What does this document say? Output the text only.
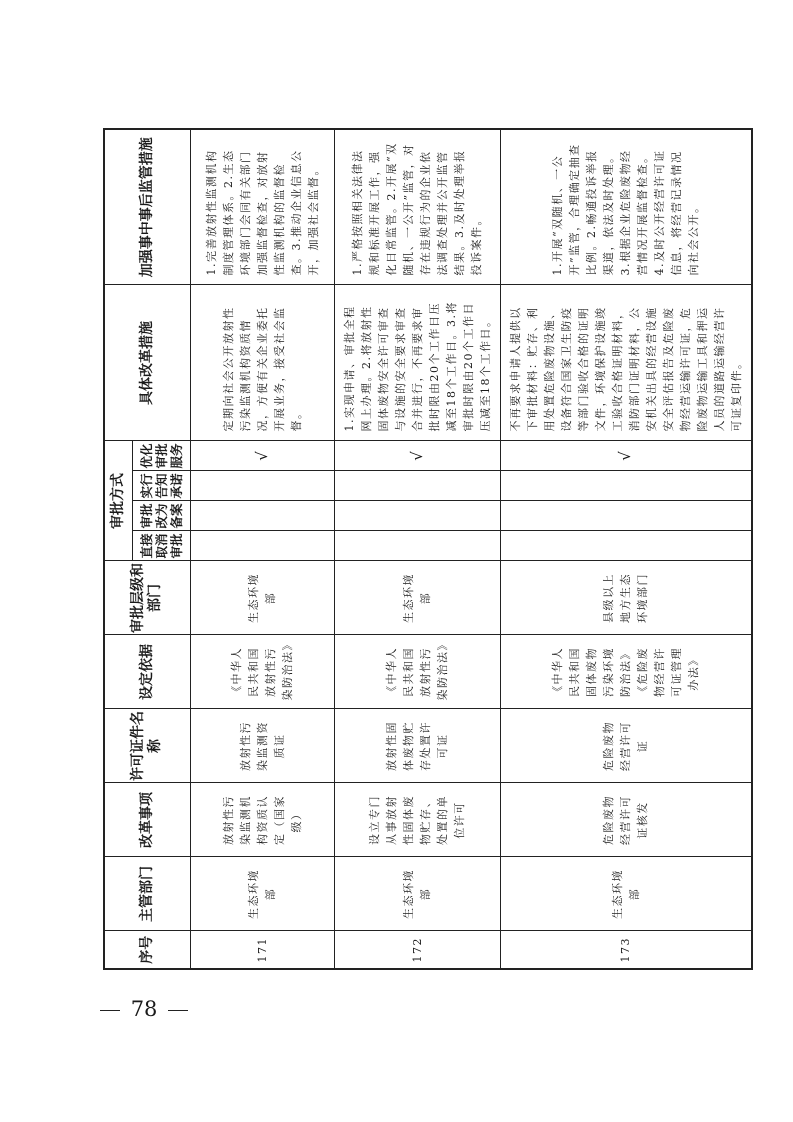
序号	主管部门	改革事项	许可证件名称	设定依据	审批层级和部门	审批方式				具体改革措施	加强事中事后监管措施
						直接取消审批	审批改为备案	实行告知承诺	优化审批服务		
171	生态环境部	放射性污染监测机构资质认定（国家级）	放射性污染监测资质证	《中华人民共和国放射性污染防治法》	生态环境部				√	定期向社会公开放射性污染监测机构资质情况，方便有关企业委托开展业务，接受社会监督。	1.完善放射性监测机构制度管理体系。2.生态环境部门会同有关部门加强监督检查，对放射性监测机构的监督检查。3.推动企业信息公开，加强社会监督。
172	生态环境部	设立专门从事放射性固体废物贮存、处置的单位许可	放射性固体废物贮存处置许可证	《中华人民共和国放射性污染防治法》	生态环境部				√	1.实现申请、审批全程网上办理。2.将放射性固体废物安全许可审查与设施的安全要求审查合并进行，不再要求审批时限由20个工作日压减至18个工作日。3.将审批时限由20个工作日压减至18个工作日。	1.严格按照相关法律法规和标准开展工作，强化日常监管。2.开展“双随机、一公开”监管，对存在违规行为的企业依法调查处理并公开监管结果。3.及时处理举报投诉案件。
173	生态环境部	危险废物经营许可证核发	危险废物经营许可证	《中华人民共和国固体废物污染环境防治法》《危险废物经营许可证管理办法》	县级以上地方生态环境部门				√	不再要求申请人提供以下审批材料：贮存、利用处置危险废物设施、设备符合国家卫生防疫等部门验收合格的证明文件，环境保护设施竣工验收合格证明材料，消防部门证明材料，公安机关出具的经营设施安全评估报告及危险废物经营运输许可证，危险废物运输工具和押运人员的道路运输经营许可证复印件。	1.开展“双随机、一公开”监管，合理确定抽查比例。2.畅通投诉举报渠道，依法及时处理。3.根据企业危险废物经营情况开展监督检查。4.及时公开经营许可证信息，将经营记录情况向社会公开。
78
